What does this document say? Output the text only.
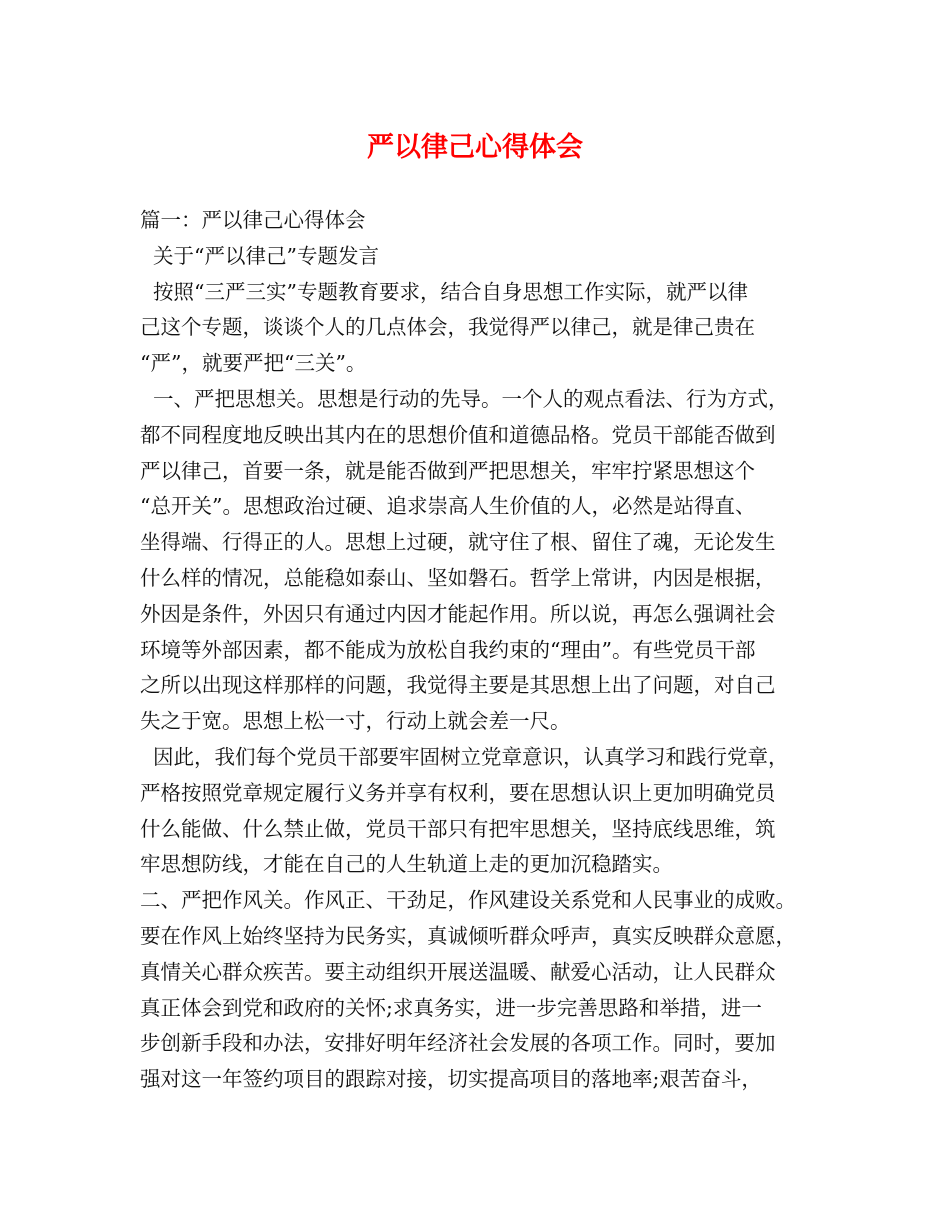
严以律己心得体会
篇一：严以律己心得体会
关于“严以律己”专题发言
按照“三严三实”专题教育要求，结合自身思想工作实际，就严以律
己这个专题，谈谈个人的几点体会，我觉得严以律己，就是律己贵在
“严”，就要严把“三关”。
一、严把思想关。思想是行动的先导。一个人的观点看法、行为方式，
都不同程度地反映出其内在的思想价值和道德品格。党员干部能否做到
严以律己，首要一条，就是能否做到严把思想关，牢牢拧紧思想这个
“总开关”。思想政治过硬、追求崇高人生价值的人，必然是站得直、
坐得端、行得正的人。思想上过硬，就守住了根、留住了魂，无论发生
什么样的情况，总能稳如泰山、坚如磐石。哲学上常讲，内因是根据，
外因是条件，外因只有通过内因才能起作用。所以说，再怎么强调社会
环境等外部因素，都不能成为放松自我约束的“理由”。有些党员干部
之所以出现这样那样的问题，我觉得主要是其思想上出了问题，对自己
失之于宽。思想上松一寸，行动上就会差一尺。
因此，我们每个党员干部要牢固树立党章意识，认真学习和践行党章，
严格按照党章规定履行义务并享有权利，要在思想认识上更加明确党员
什么能做、什么禁止做，党员干部只有把牢思想关，坚持底线思维，筑
牢思想防线，才能在自己的人生轨道上走的更加沉稳踏实。
二、严把作风关。作风正、干劲足，作风建设关系党和人民事业的成败。
要在作风上始终坚持为民务实，真诚倾听群众呼声，真实反映群众意愿，
真情关心群众疾苦。要主动组织开展送温暖、献爱心活动，让人民群众
真正体会到党和政府的关怀;求真务实，进一步完善思路和举措，进一
步创新手段和办法，安排好明年经济社会发展的各项工作。同时，要加
强对这一年签约项目的跟踪对接，切实提高项目的落地率;艰苦奋斗，
